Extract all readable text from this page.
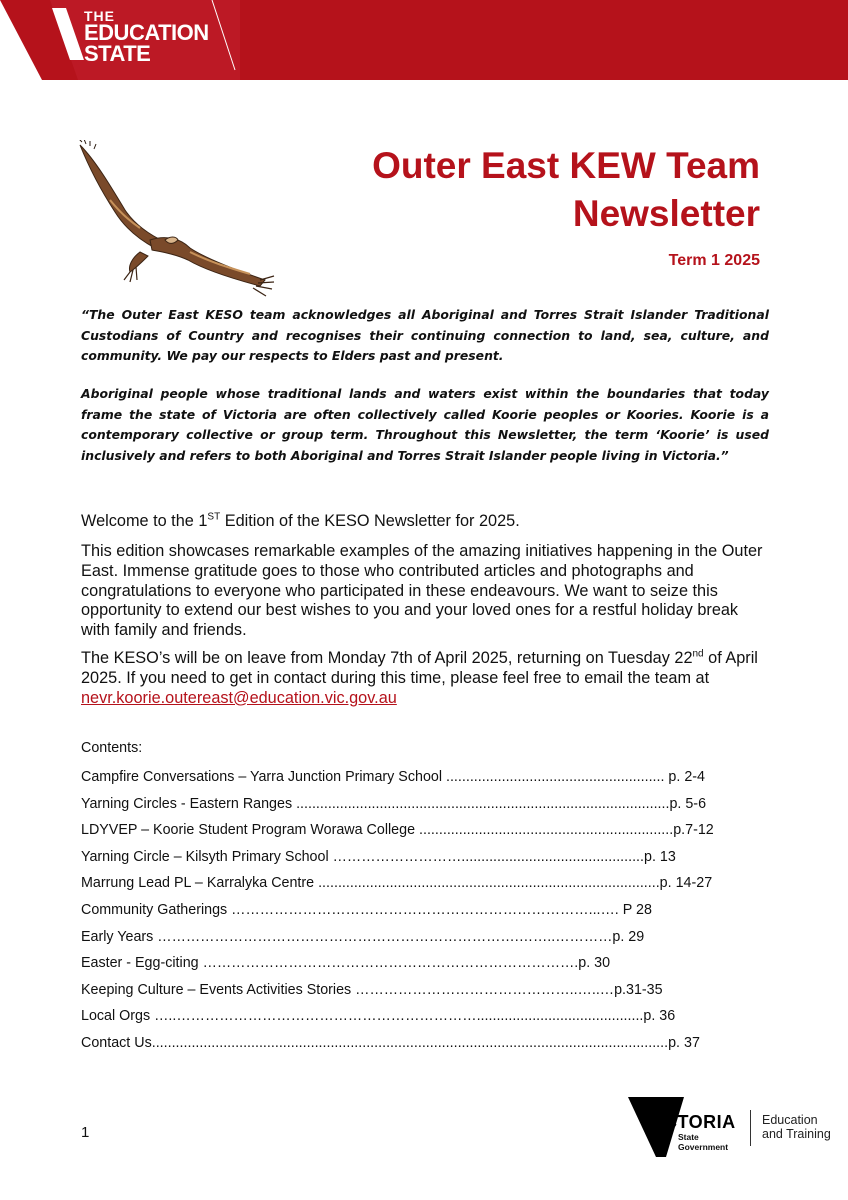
THE
EDUCATION
STATE
Outer East KEW Team
Newsletter
Term 1 2025

“The Outer East KESO team acknowledges all Aboriginal and Torres Strait Islander Traditional Custodians of Country and recognises their continuing connection to land, sea, culture, and community. We pay our respects to Elders past and present.

Aboriginal people whose traditional lands and waters exist within the boundaries that today frame the state of Victoria are often collectively called Koorie peoples or Koories. Koorie is a contemporary collective or group term. Throughout this Newsletter, the term ‘Koorie’ is used inclusively and refers to both Aboriginal and Torres Strait Islander people living in Victoria.”

Welcome to the 1ST Edition of the KESO Newsletter for 2025.

This edition showcases remarkable examples of the amazing initiatives happening in the Outer East. Immense gratitude goes to those who contributed articles and photographs and congratulations to everyone who participated in these endeavours. We want to seize this opportunity to extend our best wishes to you and your loved ones for a restful holiday break with family and friends.

The KESO’s will be on leave from Monday 7th of April 2025, returning on Tuesday 22nd of April 2025. If you need to get in contact during this time, please feel free to email the team at nevr.koorie.outereast@education.vic.gov.au

Contents:
Campfire Conversations – Yarra Junction Primary School ....................................................... p. 2-4
Yarning Circles - Eastern Ranges ..............................................................................................p. 5-6
LDYVEP – Koorie Student Program Worawa College ................................................................p.7-12
Yarning Circle – Kilsyth Primary School ………………………..............................................p. 13
Marrung Lead PL – Karralyka Centre ......................................................................................p. 14-27
Community Gatherings …………………………………………………………………...…. P 28
Early Years ………………………………………………………………….……..…………p. 29
Easter - Egg-citing …………………………………………………………………….p. 30
Keeping Culture – Events Activities Stories ………………………………………..…..…p.31-35
Local Orgs …..………………………………………………………..........................................p. 36
Contact Us..................................................................................................................................p. 37
1
VICTORIA
State
Government
Education
and Training
